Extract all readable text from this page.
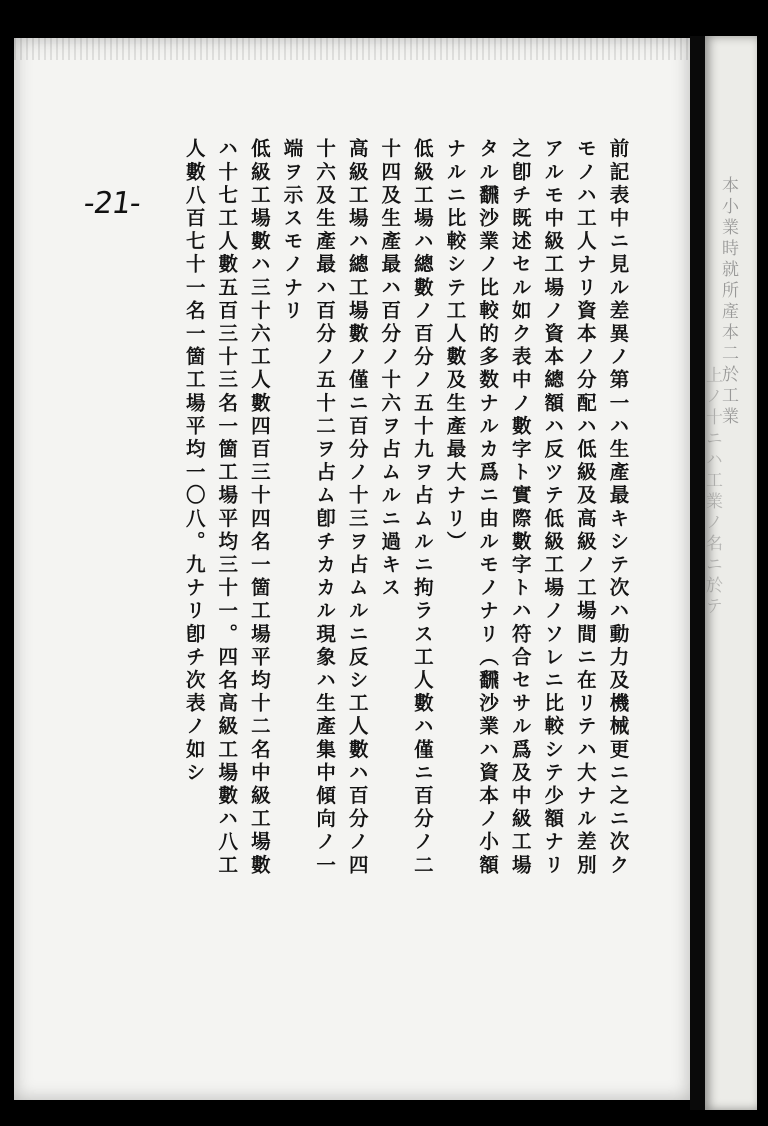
-21-	前記表中ニ見ル差異ノ第一ハ生產最キシテ次ハ動力及機械更ニ之ニ次ク
モノハ工人ナリ資本ノ分配ハ低級及高級ノ工場間ニ在リテハ大ナル差別
アルモ中級工場ノ資本總額ハ反ツテ低級工場ノソレニ比較シテ少額ナリ
之卽チ既述セル如ク表中ノ數字ト實際數字トハ符合セサル爲及中級工場
タル飜沙業ノ比較的多数ナルカ爲ニ由ルモノナリ（飜沙業ハ資本ノ小額
ナルニ比較シテ工人數及生產最大ナリ）
低級工場ハ總數ノ百分ノ五十九ヲ占ムルニ拘ラス工人數ハ僅ニ百分ノ二
十四及生產最ハ百分ノ十六ヲ占ムルニ過キス
高級工場ハ總工場數ノ僅ニ百分ノ十三ヲ占ムルニ反シ工人數ハ百分ノ四
十六及生產最ハ百分ノ五十二ヲ占ム卽チカカル現象ハ生產集中傾向ノ一
端ヲ示スモノナリ
低級工場數ハ三十六工人數四百三十四名一箇工場平均十二名中級工場數
ハ十七工人數五百三十三名一箇工場平均三十一。四名高級工場數ハ八工
人數八百七十一名一箇工場平均一〇八。九ナリ卽チ次表ノ如シ	本小業時就所產本二於工業
上ノ十ニハ工業ノ名ニ於テ
